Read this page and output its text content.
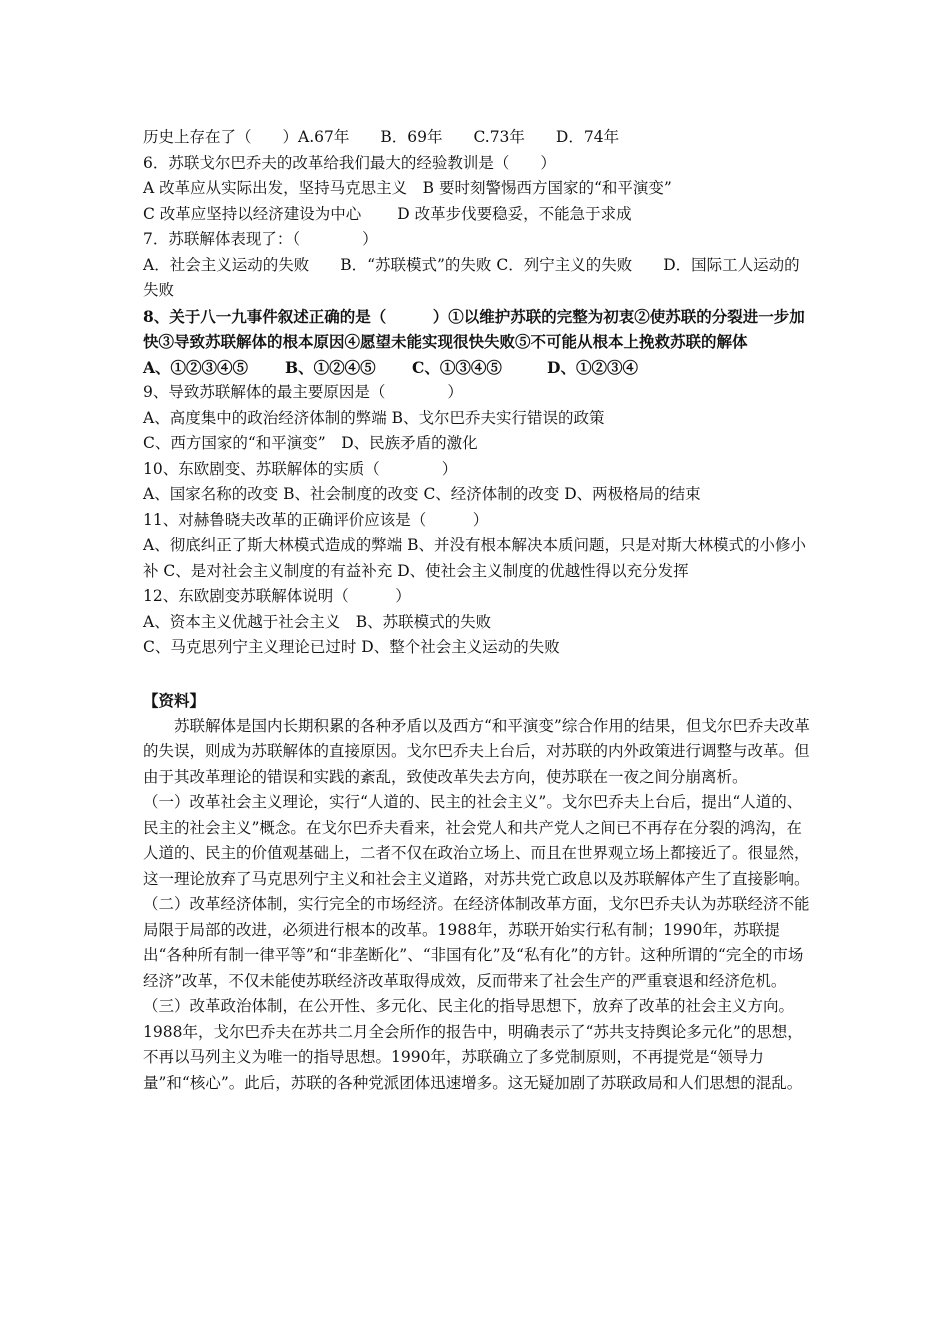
历史上存在了（　　）A.67年　　B．69年　　C.73年　　D．74年
6．苏联戈尔巴乔夫的改革给我们最大的经验教训是（　　）
A 改革应从实际出发，坚持马克思主义　B 要时刻警惕西方国家的“和平演变”
C 改革应坚持以经济建设为中心　　 D 改革步伐要稳妥，不能急于求成
7．苏联解体表现了：（　　　　）

A．社会主义运动的失败　　B．“苏联模式”的失败 C．列宁主义的失败　　D．国际工人运动的失败

8、关于八一九事件叙述正确的是（　　　）①以维护苏联的完整为初衷②使苏联的分裂进一步加快③导致苏联解体的根本原因④愿望未能实现很快失败⑤不可能从根本上挽救苏联的解体

A、①②③④⑤ B、①②④⑤ C、①③④⑤	D、①②③④
9、导致苏联解体的最主要原因是（　　　　）
A、高度集中的政治经济体制的弊端 B、戈尔巴乔夫实行错误的政策
C、西方国家的“和平演变”　D、民族矛盾的激化
10、东欧剧变、苏联解体的实质（　　　　）
A、国家名称的改变 B、社会制度的改变 C、经济体制的改变 D、两极格局的结束
11、对赫鲁晓夫改革的正确评价应该是（　　　）

A、彻底纠正了斯大林模式造成的弊端 B、并没有根本解决本质问题，只是对斯大林模式的小修小补 C、是对社会主义制度的有益补充 D、使社会主义制度的优越性得以充分发挥

12、东欧剧变苏联解体说明（　　　）
A、资本主义优越于社会主义　B、苏联模式的失败
C、马克思列宁主义理论已过时 D、整个社会主义运动的失败
【资料】

苏联解体是国内长期积累的各种矛盾以及西方“和平演变”综合作用的结果，但戈尔巴乔夫改革的失误，则成为苏联解体的直接原因。戈尔巴乔夫上台后，对苏联的内外政策进行调整与改革。但由于其改革理论的错误和实践的紊乱，致使改革失去方向，使苏联在一夜之间分崩离析。

（一）改革社会主义理论，实行“人道的、民主的社会主义”。戈尔巴乔夫上台后，提出“人道的、民主的社会主义”概念。在戈尔巴乔夫看来，社会党人和共产党人之间已不再存在分裂的鸿沟，在人道的、民主的价值观基础上，二者不仅在政治立场上、而且在世界观立场上都接近了。很显然，这一理论放弃了马克思列宁主义和社会主义道路，对苏共党亡政息以及苏联解体产生了直接影响。

（二）改革经济体制，实行完全的市场经济。在经济体制改革方面，戈尔巴乔夫认为苏联经济不能局限于局部的改进，必须进行根本的改革。1988年，苏联开始实行私有制；1990年，苏联提出“各种所有制一律平等”和“非垄断化”、“非国有化”及“私有化”的方针。这种所谓的“完全的市场经济”改革，不仅未能使苏联经济改革取得成效，反而带来了社会生产的严重衰退和经济危机。

（三）改革政治体制，在公开性、多元化、民主化的指导思想下，放弃了改革的社会主义方向。1988年，戈尔巴乔夫在苏共二月全会所作的报告中，明确表示了“苏共支持舆论多元化”的思想，不再以马列主义为唯一的指导思想。1990年，苏联确立了多党制原则，不再提党是“领导力量”和“核心”。此后，苏联的各种党派团体迅速增多。这无疑加剧了苏联政局和人们思想的混乱。
